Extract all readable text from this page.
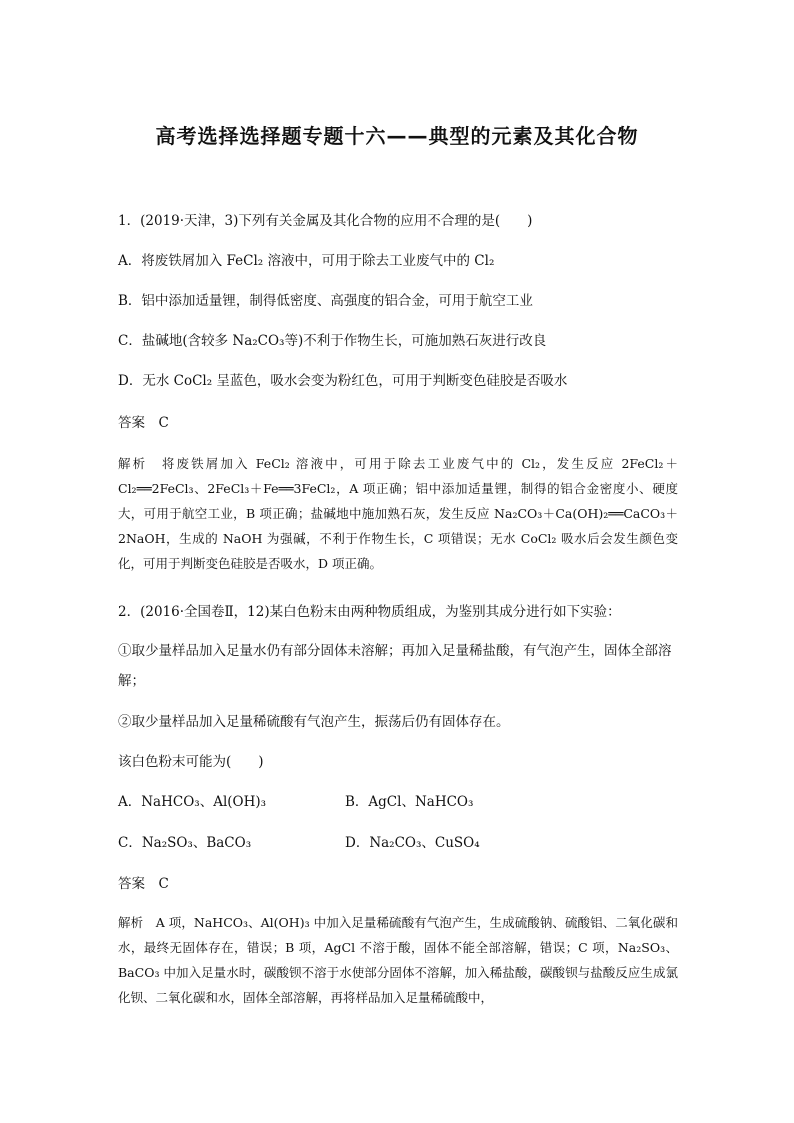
高考选择选择题专题十六——典型的元素及其化合物
1．(2019·天津，3)下列有关金属及其化合物的应用不合理的是(　　)
A．将废铁屑加入 FeCl₂ 溶液中，可用于除去工业废气中的 Cl₂
B．铝中添加适量锂，制得低密度、高强度的铝合金，可用于航空工业
C．盐碱地(含较多 Na₂CO₃等)不利于作物生长，可施加熟石灰进行改良
D．无水 CoCl₂ 呈蓝色，吸水会变为粉红色，可用于判断变色硅胶是否吸水
答案　C
解析　将废铁屑加入 FeCl₂ 溶液中，可用于除去工业废气中的 Cl₂，发生反应 2FeCl₂＋Cl₂══2FeCl₃、2FeCl₃＋Fe══3FeCl₂，A 项正确；铝中添加适量锂，制得的铝合金密度小、硬度大，可用于航空工业，B 项正确；盐碱地中施加熟石灰，发生反应 Na₂CO₃＋Ca(OH)₂══CaCO₃＋2NaOH，生成的 NaOH 为强碱，不利于作物生长，C 项错误；无水 CoCl₂ 吸水后会发生颜色变化，可用于判断变色硅胶是否吸水，D 项正确。
2．(2016·全国卷Ⅱ，12)某白色粉末由两种物质组成，为鉴别其成分进行如下实验：
①取少量样品加入足量水仍有部分固体未溶解；再加入足量稀盐酸，有气泡产生，固体全部溶解；
②取少量样品加入足量稀硫酸有气泡产生，振荡后仍有固体存在。
该白色粉末可能为(　　)
A．NaHCO₃、Al(OH)₃	B．AgCl、NaHCO₃
C．Na₂SO₃、BaCO₃	D．Na₂CO₃、CuSO₄
答案　C
解析　A 项，NaHCO₃、Al(OH)₃ 中加入足量稀硫酸有气泡产生，生成硫酸钠、硫酸铝、二氧化碳和水，最终无固体存在，错误；B 项，AgCl 不溶于酸，固体不能全部溶解，错误；C 项，Na₂SO₃、BaCO₃ 中加入足量水时，碳酸钡不溶于水使部分固体不溶解，加入稀盐酸，碳酸钡与盐酸反应生成氯化钡、二氧化碳和水，固体全部溶解，再将样品加入足量稀硫酸中，
